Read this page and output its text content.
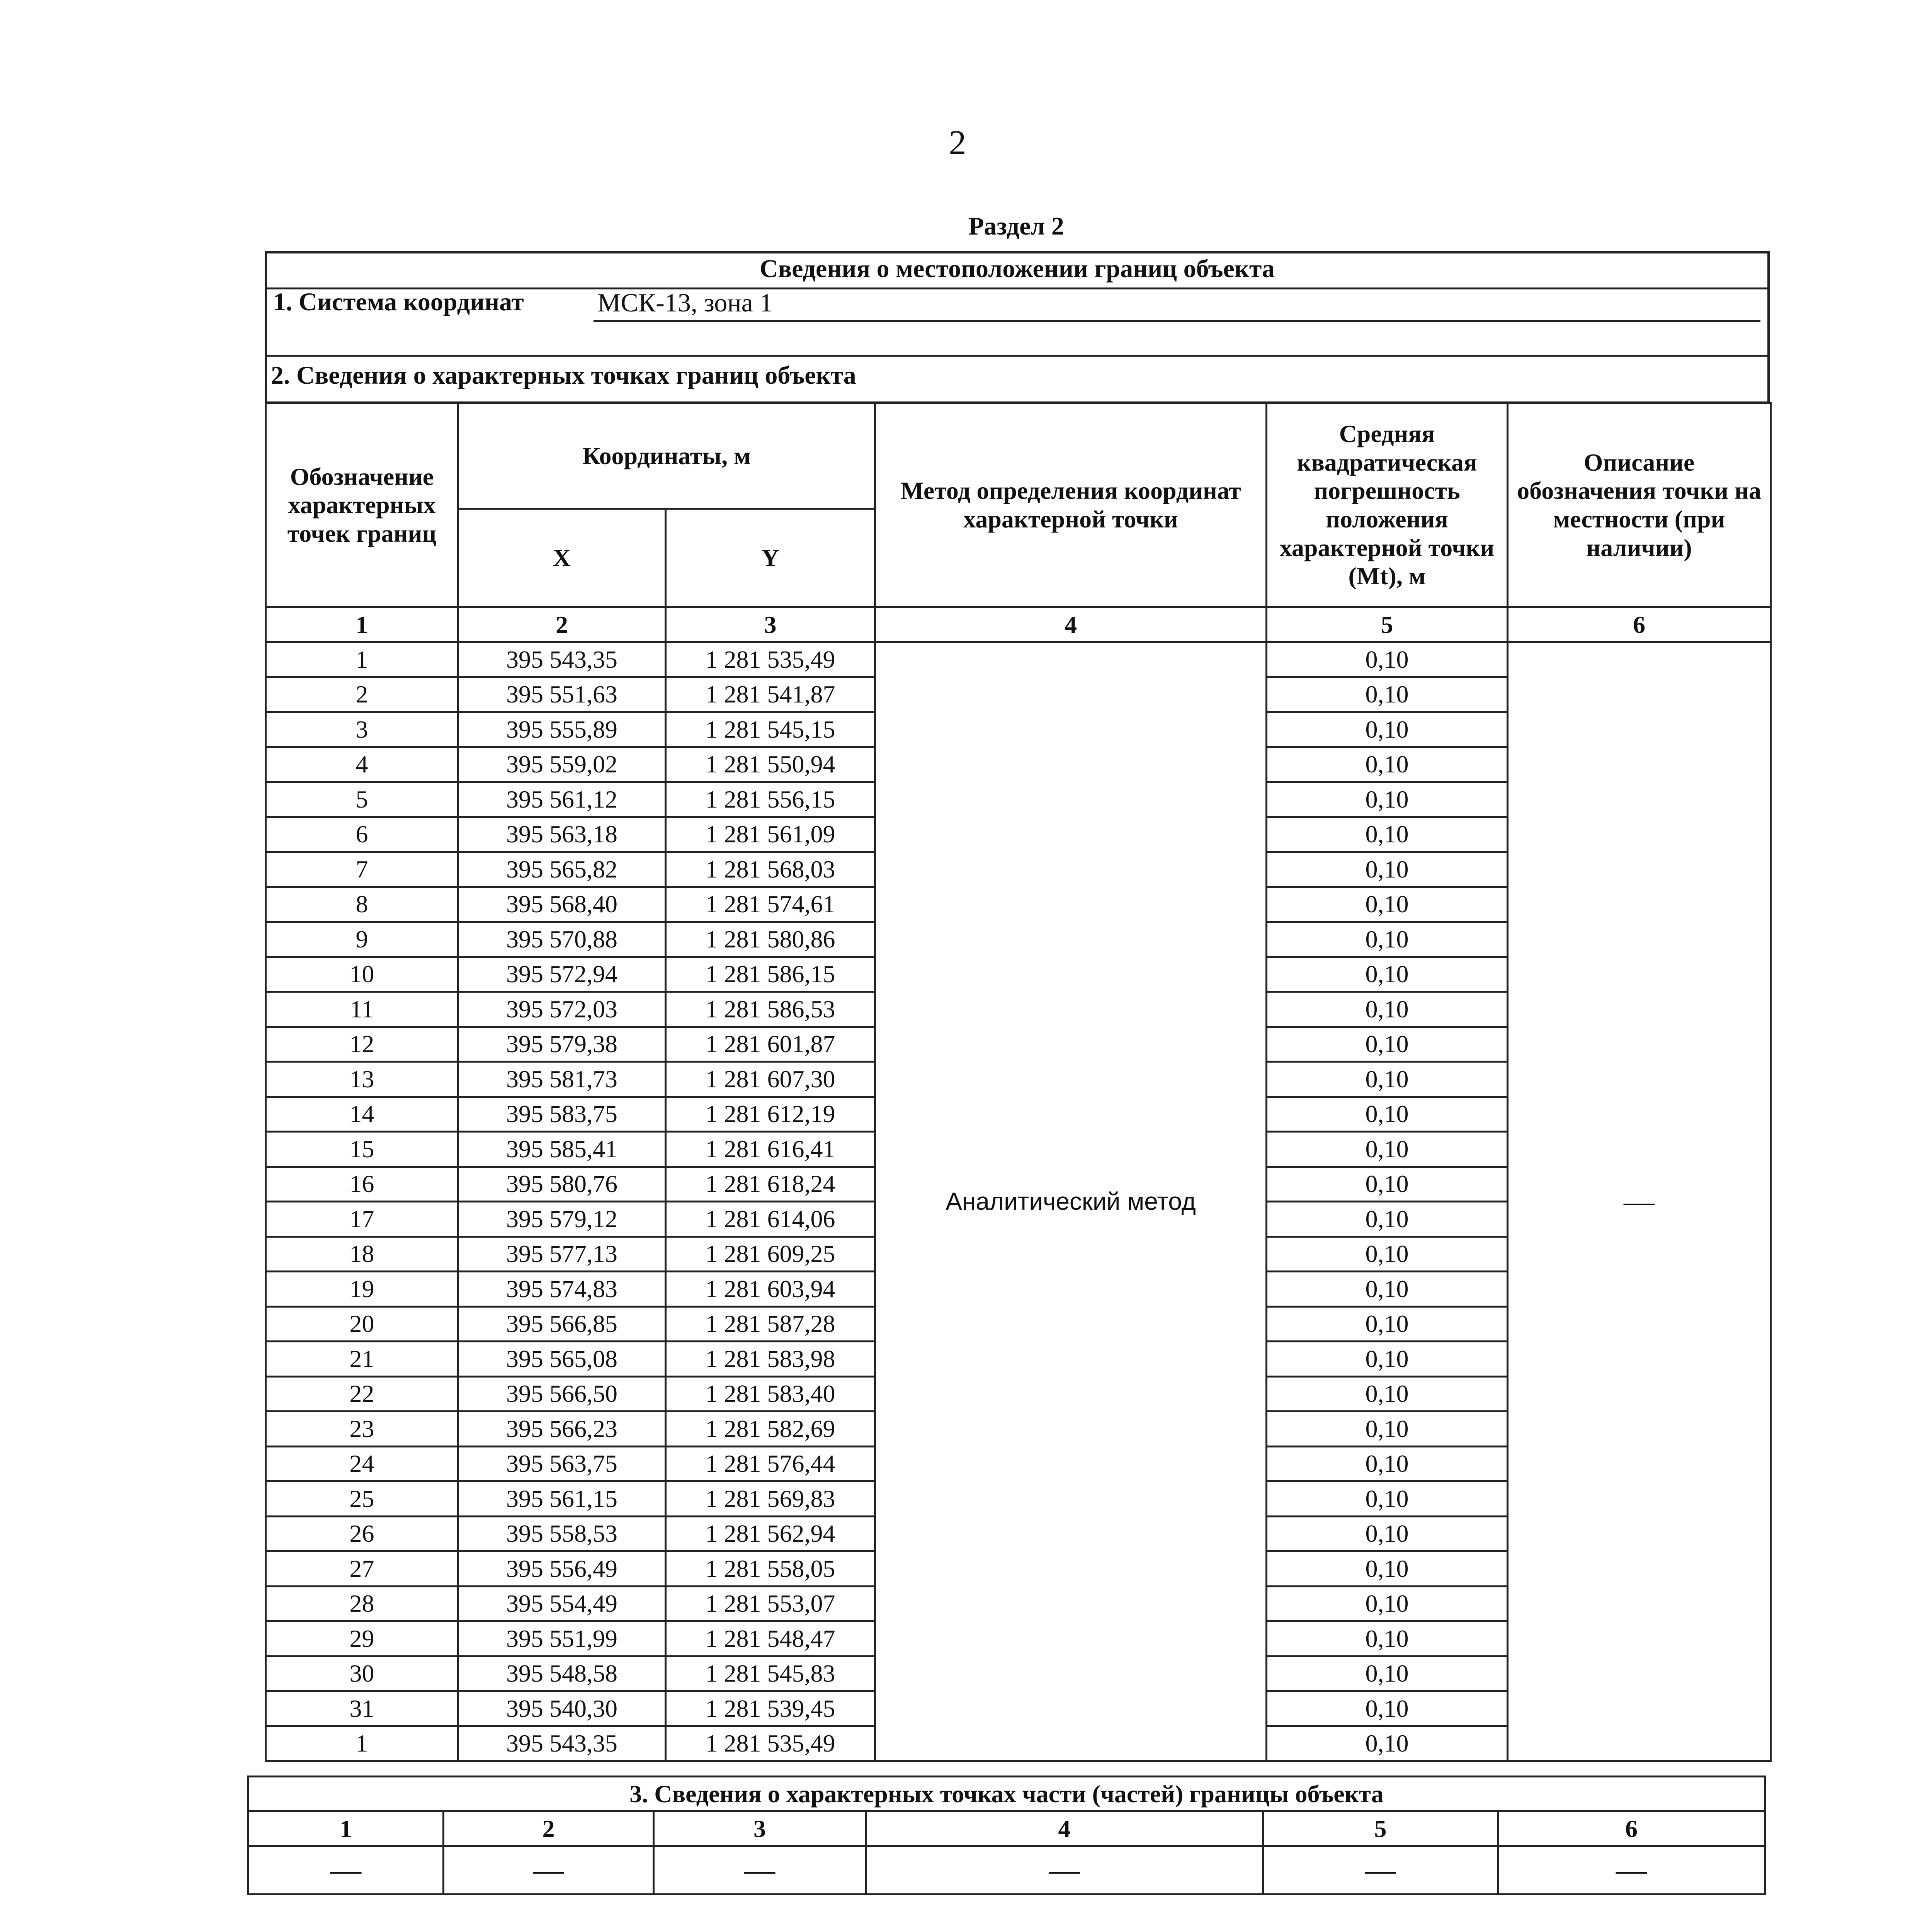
2
Раздел 2
Сведения о местоположении границ объекта
1. Система координат	МСК-13, зона 1
2. Сведения о характерных точках границ объекта
Обозначение характерных точек границ	Координаты, м		Метод определения координат характерной точки	Средняя квадратическая погрешность положения характерной точки (Mt), м	Описание обозначения точки на местности (при наличии)
	X	Y			
1	2	3	4	5	6
1	395 543,35	1 281 535,49	Аналитический метод	0,10	—
2	395 551,63	1 281 541,87		0,10	
3	395 555,89	1 281 545,15		0,10	
4	395 559,02	1 281 550,94		0,10	
5	395 561,12	1 281 556,15		0,10	
6	395 563,18	1 281 561,09		0,10	
7	395 565,82	1 281 568,03		0,10	
8	395 568,40	1 281 574,61		0,10	
9	395 570,88	1 281 580,86		0,10	
10	395 572,94	1 281 586,15		0,10	
11	395 572,03	1 281 586,53		0,10	
12	395 579,38	1 281 601,87		0,10	
13	395 581,73	1 281 607,30		0,10	
14	395 583,75	1 281 612,19		0,10	
15	395 585,41	1 281 616,41		0,10	
16	395 580,76	1 281 618,24		0,10	
17	395 579,12	1 281 614,06		0,10	
18	395 577,13	1 281 609,25		0,10	
19	395 574,83	1 281 603,94		0,10	
20	395 566,85	1 281 587,28		0,10	
21	395 565,08	1 281 583,98		0,10	
22	395 566,50	1 281 583,40		0,10	
23	395 566,23	1 281 582,69		0,10	
24	395 563,75	1 281 576,44		0,10	
25	395 561,15	1 281 569,83		0,10	
26	395 558,53	1 281 562,94		0,10	
27	395 556,49	1 281 558,05		0,10	
28	395 554,49	1 281 553,07		0,10	
29	395 551,99	1 281 548,47		0,10	
30	395 548,58	1 281 545,83		0,10	
31	395 540,30	1 281 539,45		0,10	
1	395 543,35	1 281 535,49		0,10	
3. Сведения о характерных точках части (частей) границы объекта					
1	2	3	4	5	6
—	—	—	—	—	—
